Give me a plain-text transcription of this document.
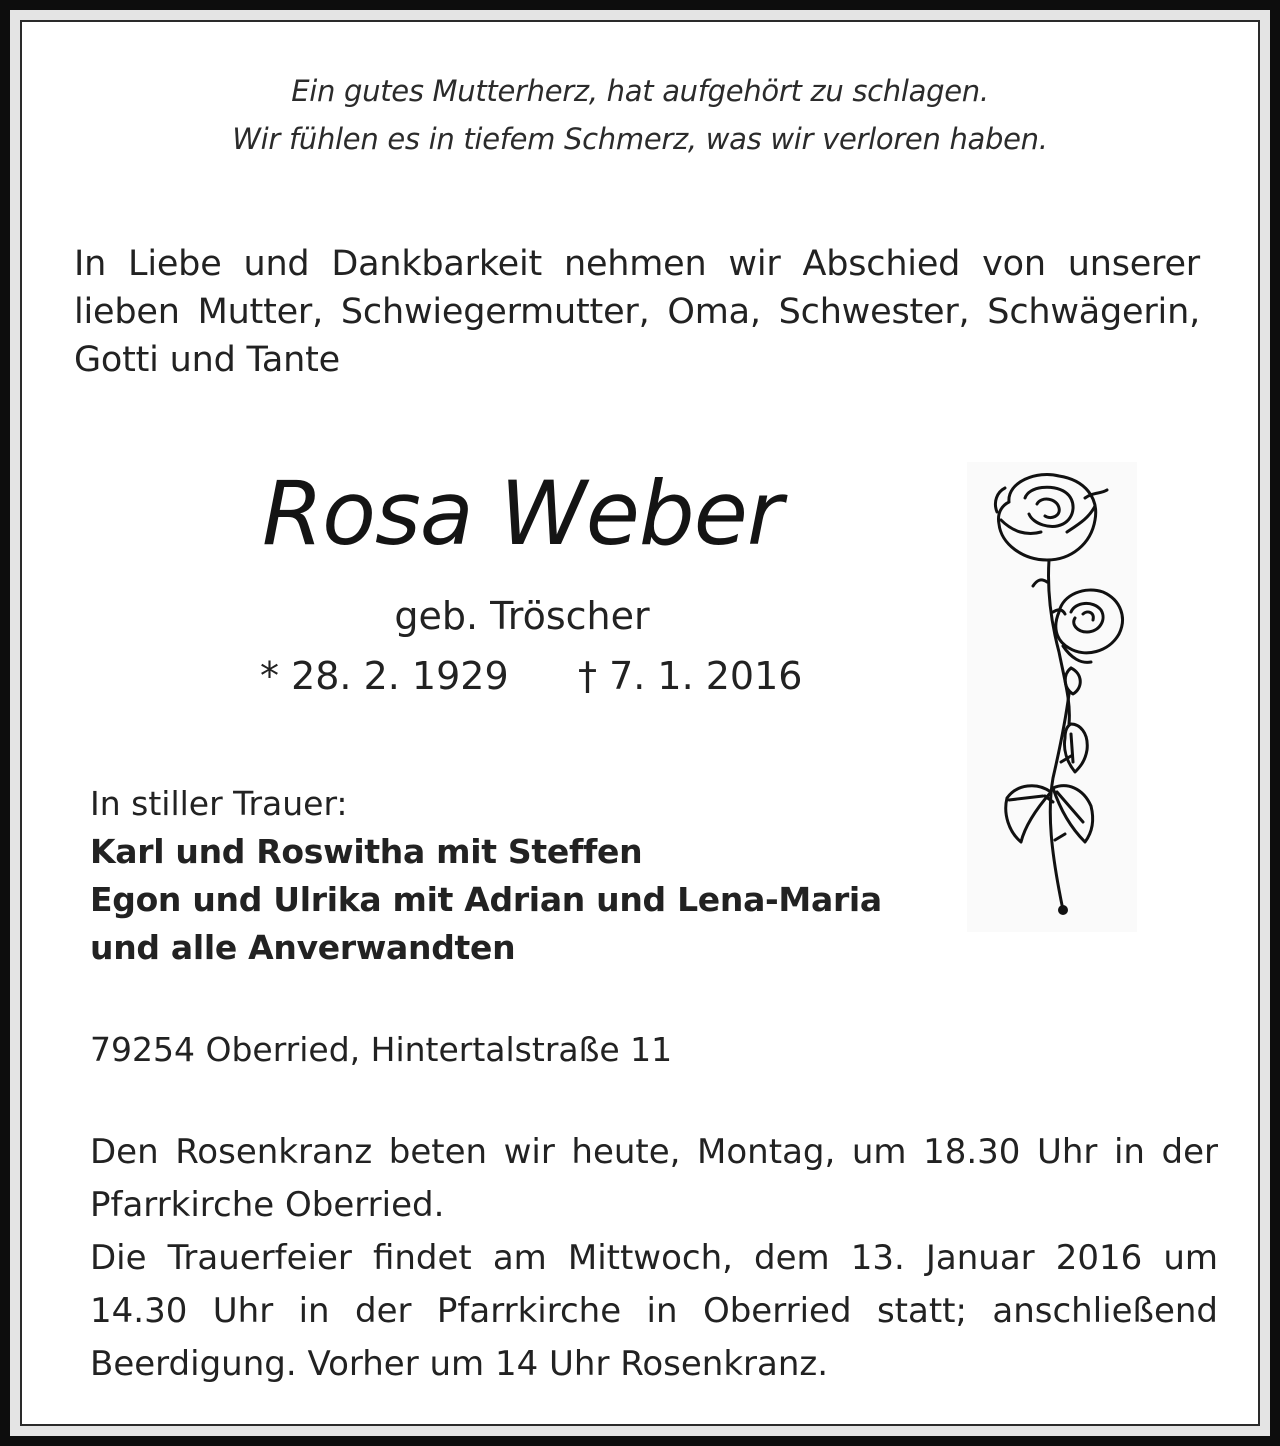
Ein gutes Mutterherz, hat aufgehört zu schlagen.

Wir fühlen es in tiefem Schmerz, was wir verloren haben.

In Liebe und Dankbarkeit nehmen wir Abschied von unserer lieben Mutter, Schwiegermutter, Oma, Schwester, Schwägerin, Gotti und Tante

Rosa Weber
geb. Tröscher
* 28. 2. 1929 † 7. 1. 2016
In stiller Trauer:
Karl und Roswitha mit Steffen
Egon und Ulrika mit Adrian und Lena-Maria
und alle Anverwandten
79254 Oberried, Hintertalstraße 11

Den Rosenkranz beten wir heute, Montag, um 18.30 Uhr in der Pfarrkirche Oberried.

Die Trauerfeier findet am Mittwoch, dem 13. Januar 2016 um 14.30 Uhr in der Pfarrkirche in Oberried statt; anschließend Beerdigung. Vorher um 14 Uhr Rosenkranz.
